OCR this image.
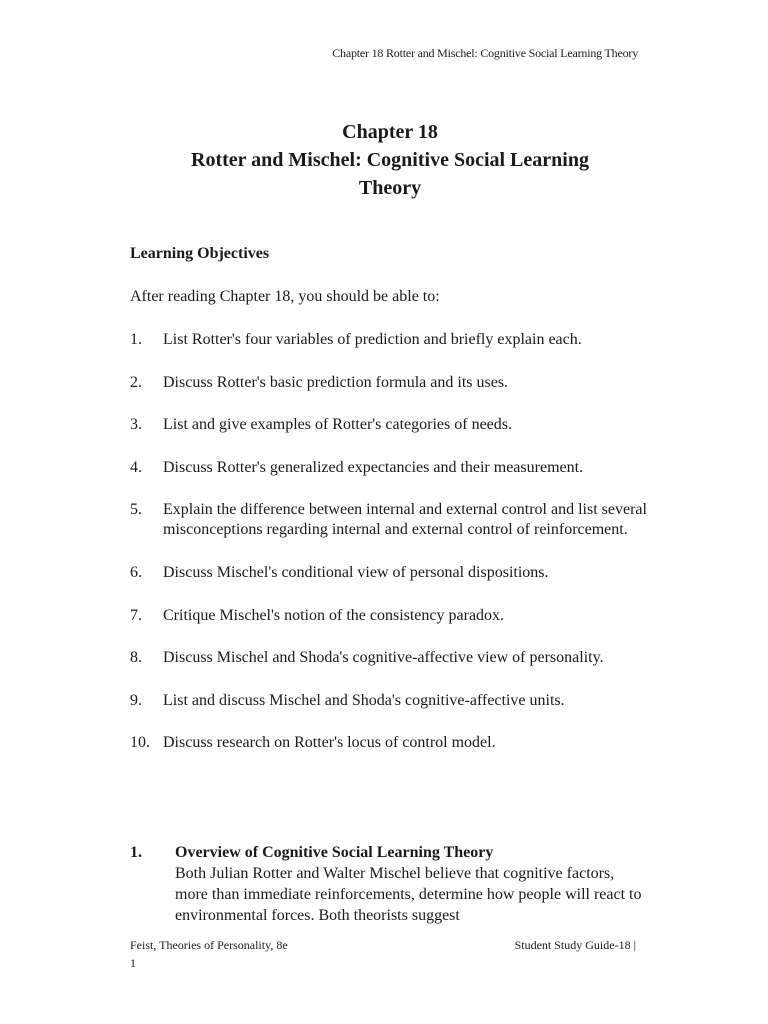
Chapter 18 Rotter and Mischel: Cognitive Social Learning Theory
Chapter 18
Rotter and Mischel: Cognitive Social Learning
Theory
Learning Objectives
After reading Chapter 18, you should be able to:
1.	List Rotter's four variables of prediction and briefly explain each.
2.	Discuss Rotter's basic prediction formula and its uses.
3.	List and give examples of Rotter's categories of needs.
4.	Discuss Rotter's generalized expectancies and their measurement.
5.	Explain the difference between internal and external control and list several misconceptions regarding internal and external control of reinforcement.
6.	Discuss Mischel's conditional view of personal dispositions.
7.	Critique Mischel's notion of the consistency paradox.
8.	Discuss Mischel and Shoda's cognitive-affective view of personality.
9.	List and discuss Mischel and Shoda's cognitive-affective units.
10. Discuss research on Rotter's locus of control model.
1.	Overview of Cognitive Social Learning Theory
Both Julian Rotter and Walter Mischel believe that cognitive factors, more than immediate reinforcements, determine how people will react to environmental forces. Both theorists suggest
Feist, Theories of Personality, 8e
1
Student Study Guide-18 |
